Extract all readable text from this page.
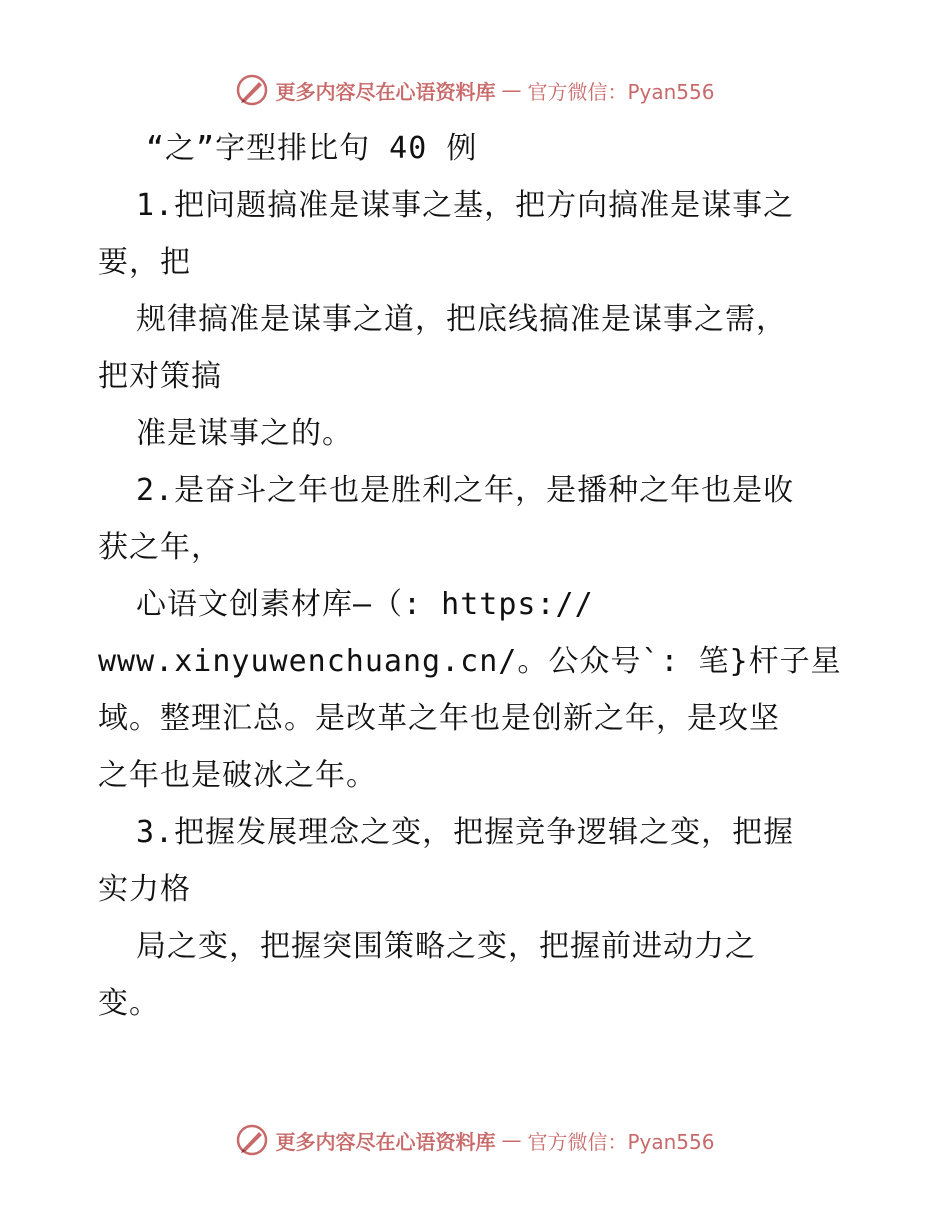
更多内容尽在心语资料库 — 官方微信：Pyan556

“之”字型排比句 40 例

1.把问题搞准是谋事之基，把方向搞准是谋事之

要，把

规律搞准是谋事之道，把底线搞准是谋事之需，

把对策搞

准是谋事之的。

2.是奋斗之年也是胜利之年，是播种之年也是收

获之年，

心语文创素材库—（: https://

www.xinyuwenchuang.cn/。公众号`: 笔}杆子星

域。整理汇总。是改革之年也是创新之年，是攻坚

之年也是破冰之年。

3.把握发展理念之变，把握竞争逻辑之变，把握

实力格

局之变，把握突围策略之变，把握前进动力之

变。

更多内容尽在心语资料库 — 官方微信：Pyan556
